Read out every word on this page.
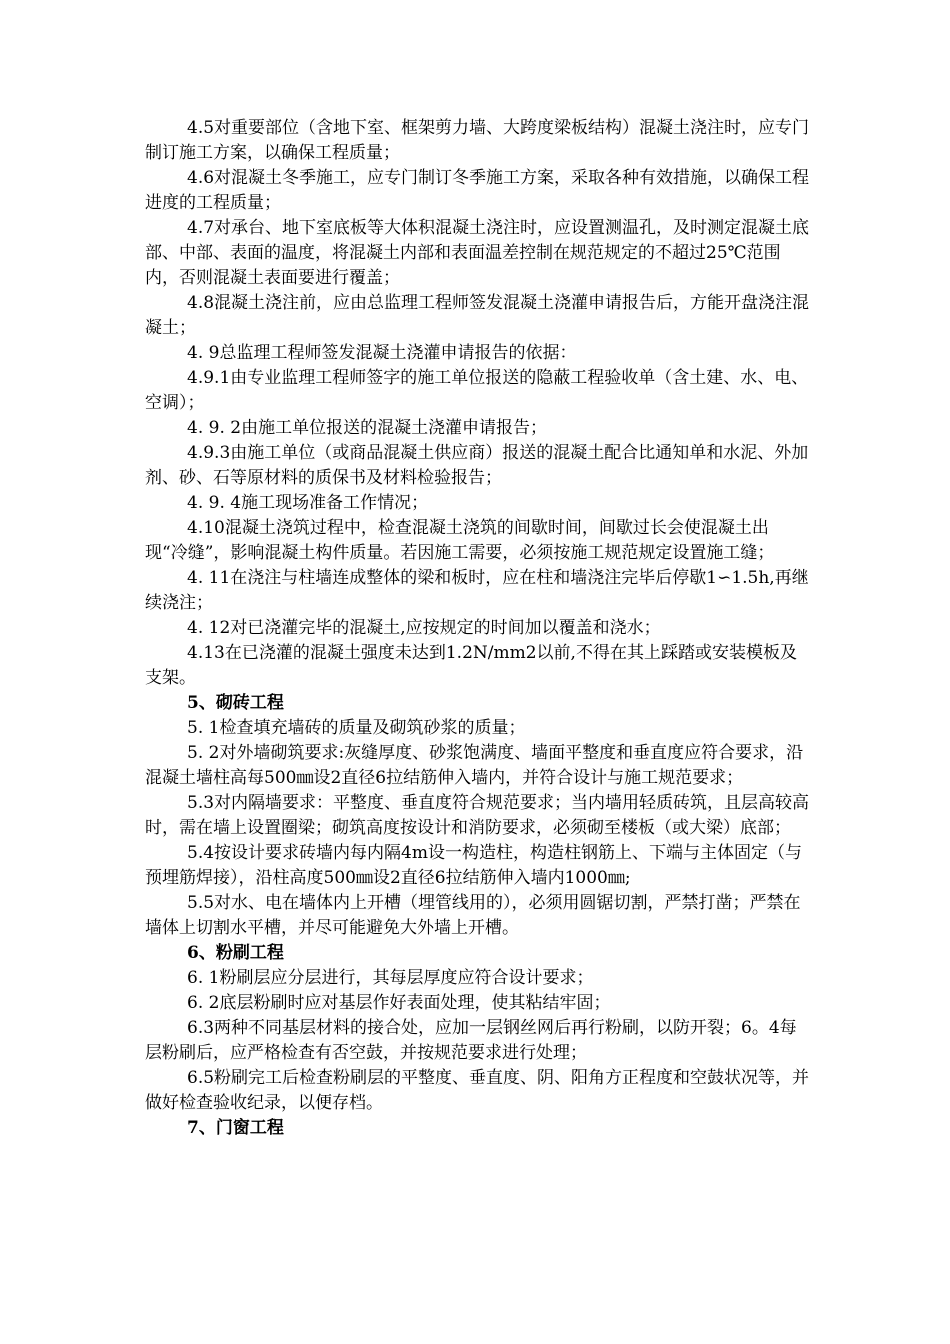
4.5对重要部位（含地下室、框架剪力墙、大跨度梁板结构）混凝土浇注时，应专门制订施工方案，以确保工程质量；

4.6对混凝土冬季施工，应专门制订冬季施工方案，采取各种有效措施，以确保工程进度的工程质量；

4.7对承台、地下室底板等大体积混凝土浇注时，应设置测温孔，及时测定混凝土底部、中部、表面的温度，将混凝土内部和表面温差控制在规范规定的不超过25℃范围内，否则混凝土表面要进行覆盖；

4.8混凝土浇注前，应由总监理工程师签发混凝土浇灌申请报告后，方能开盘浇注混凝土；

4. 9总监理工程师签发混凝土浇灌申请报告的依据：

4.9.1由专业监理工程师签字的施工单位报送的隐蔽工程验收单（含土建、水、电、空调）；

4. 9. 2由施工单位报送的混凝土浇灌申请报告；

4.9.3由施工单位（或商品混凝土供应商）报送的混凝土配合比通知单和水泥、外加剂、砂、石等原材料的质保书及材料检验报告；

4. 9. 4施工现场准备工作情况；

4.10混凝土浇筑过程中，检查混凝土浇筑的间歇时间，间歇过长会使混凝土出现“冷缝”，影响混凝土构件质量。若因施工需要，必须按施工规范规定设置施工缝；

4. 11在浇注与柱墙连成整体的梁和板时，应在柱和墙浇注完毕后停歇1∽1.5h,再继续浇注；

4. 12对已浇灌完毕的混凝土,应按规定的时间加以覆盖和浇水；

4.13在已浇灌的混凝土强度未达到1.2N/mm2以前,不得在其上踩踏或安装模板及支架。

5、砌砖工程

5. 1检查填充墙砖的质量及砌筑砂浆的质量；

5. 2对外墙砌筑要求:灰缝厚度、砂浆饱满度、墙面平整度和垂直度应符合要求，沿混凝土墙柱高每500㎜设2直径6拉结筋伸入墙内，并符合设计与施工规范要求；

5.3对内隔墙要求：平整度、垂直度符合规范要求；当内墙用轻质砖筑，且层高较高时，需在墙上设置圈梁；砌筑高度按设计和消防要求，必须砌至楼板（或大梁）底部；

5.4按设计要求砖墙内每内隔4m设一构造柱，构造柱钢筋上、下端与主体固定（与预埋筋焊接），沿柱高度500㎜设2直径6拉结筋伸入墙内1000㎜;

5.5对水、电在墙体内上开槽（埋管线用的），必须用圆锯切割，严禁打凿；严禁在墙体上切割水平槽，并尽可能避免大外墙上开槽。

6、粉刷工程

6. 1粉刷层应分层进行，其每层厚度应符合设计要求；

6. 2底层粉刷时应对基层作好表面处理，使其粘结牢固；

6.3两种不同基层材料的接合处，应加一层钢丝网后再行粉刷，以防开裂；6。4每层粉刷后，应严格检查有否空鼓，并按规范要求进行处理；

6.5粉刷完工后检查粉刷层的平整度、垂直度、阴、阳角方正程度和空鼓状况等，并做好检查验收纪录，以便存档。

7、门窗工程
